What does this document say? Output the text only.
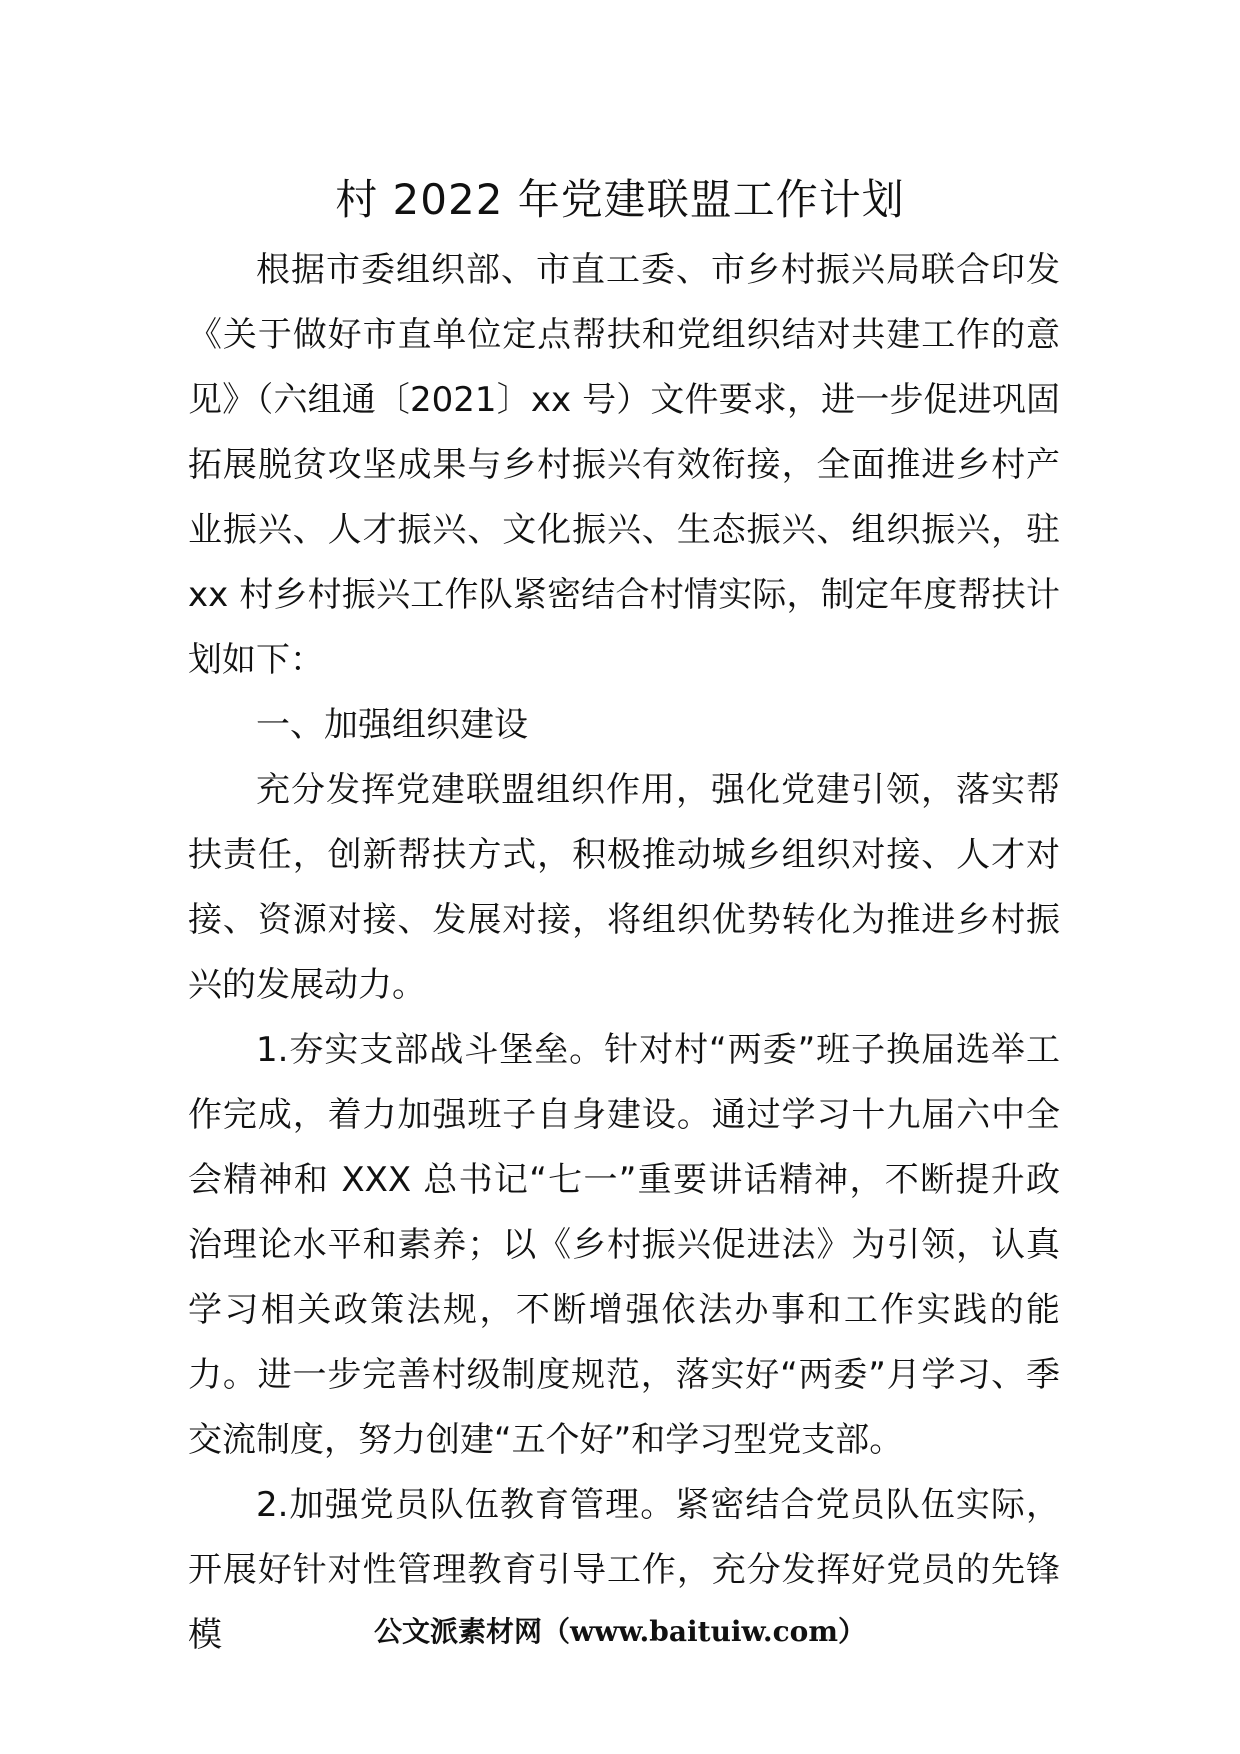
村 2022 年党建联盟工作计划

根据市委组织部、市直工委、市乡村振兴局联合印发《关于做好市直单位定点帮扶和党组织结对共建工作的意见》（六组通〔2021〕xx 号）文件要求，进一步促进巩固拓展脱贫攻坚成果与乡村振兴有效衔接，全面推进乡村产业振兴、人才振兴、文化振兴、生态振兴、组织振兴，驻 xx 村乡村振兴工作队紧密结合村情实际，制定年度帮扶计划如下：

一、加强组织建设

充分发挥党建联盟组织作用，强化党建引领，落实帮扶责任，创新帮扶方式，积极推动城乡组织对接、人才对接、资源对接、发展对接，将组织优势转化为推进乡村振兴的发展动力。

1.夯实支部战斗堡垒。针对村“两委”班子换届选举工作完成，着力加强班子自身建设。通过学习十九届六中全会精神和 XXX 总书记“七一”重要讲话精神，不断提升政治理论水平和素养；以《乡村振兴促进法》为引领，认真学习相关政策法规，不断增强依法办事和工作实践的能力。进一步完善村级制度规范，落实好“两委”月学习、季交流制度，努力创建“五个好”和学习型党支部。

2.加强党员队伍教育管理。紧密结合党员队伍实际，开展好针对性管理教育引导工作，充分发挥好党员的先锋模	公文派素材网（www.baituiw.com）
